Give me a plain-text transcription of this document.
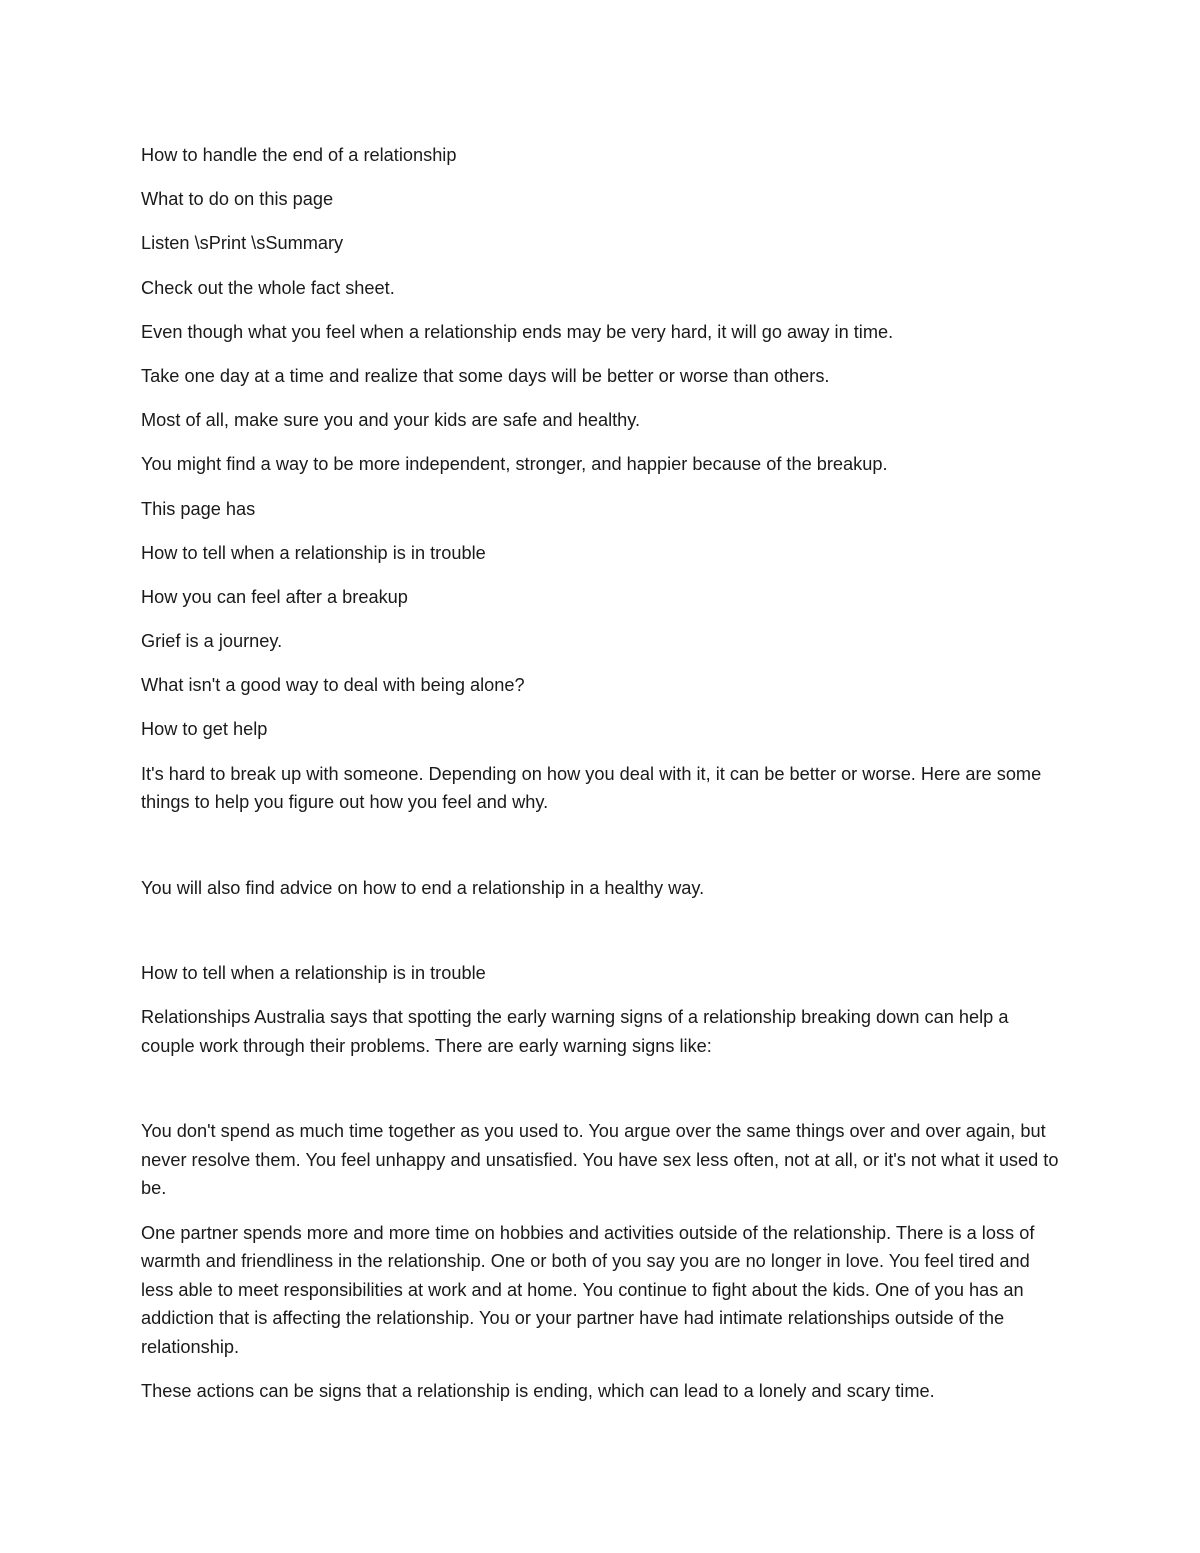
How to handle the end of a relationship

What to do on this page

Listen \sPrint \sSummary

Check out the whole fact sheet.

Even though what you feel when a relationship ends may be very hard, it will go away in time.

Take one day at a time and realize that some days will be better or worse than others.

Most of all, make sure you and your kids are safe and healthy.

You might find a way to be more independent, stronger, and happier because of the breakup.

This page has

How to tell when a relationship is in trouble

How you can feel after a breakup

Grief is a journey.

What isn't a good way to deal with being alone?

How to get help

It's hard to break up with someone. Depending on how you deal with it, it can be better or worse. Here are some things to help you figure out how you feel and why.

You will also find advice on how to end a relationship in a healthy way.

How to tell when a relationship is in trouble

Relationships Australia says that spotting the early warning signs of a relationship breaking down can help a couple work through their problems. There are early warning signs like:

You don't spend as much time together as you used to. You argue over the same things over and over again, but never resolve them. You feel unhappy and unsatisfied. You have sex less often, not at all, or it's not what it used to be.

One partner spends more and more time on hobbies and activities outside of the relationship. There is a loss of warmth and friendliness in the relationship. One or both of you say you are no longer in love. You feel tired and less able to meet responsibilities at work and at home. You continue to fight about the kids. One of you has an addiction that is affecting the relationship. You or your partner have had intimate relationships outside of the relationship.

These actions can be signs that a relationship is ending, which can lead to a lonely and scary time.
